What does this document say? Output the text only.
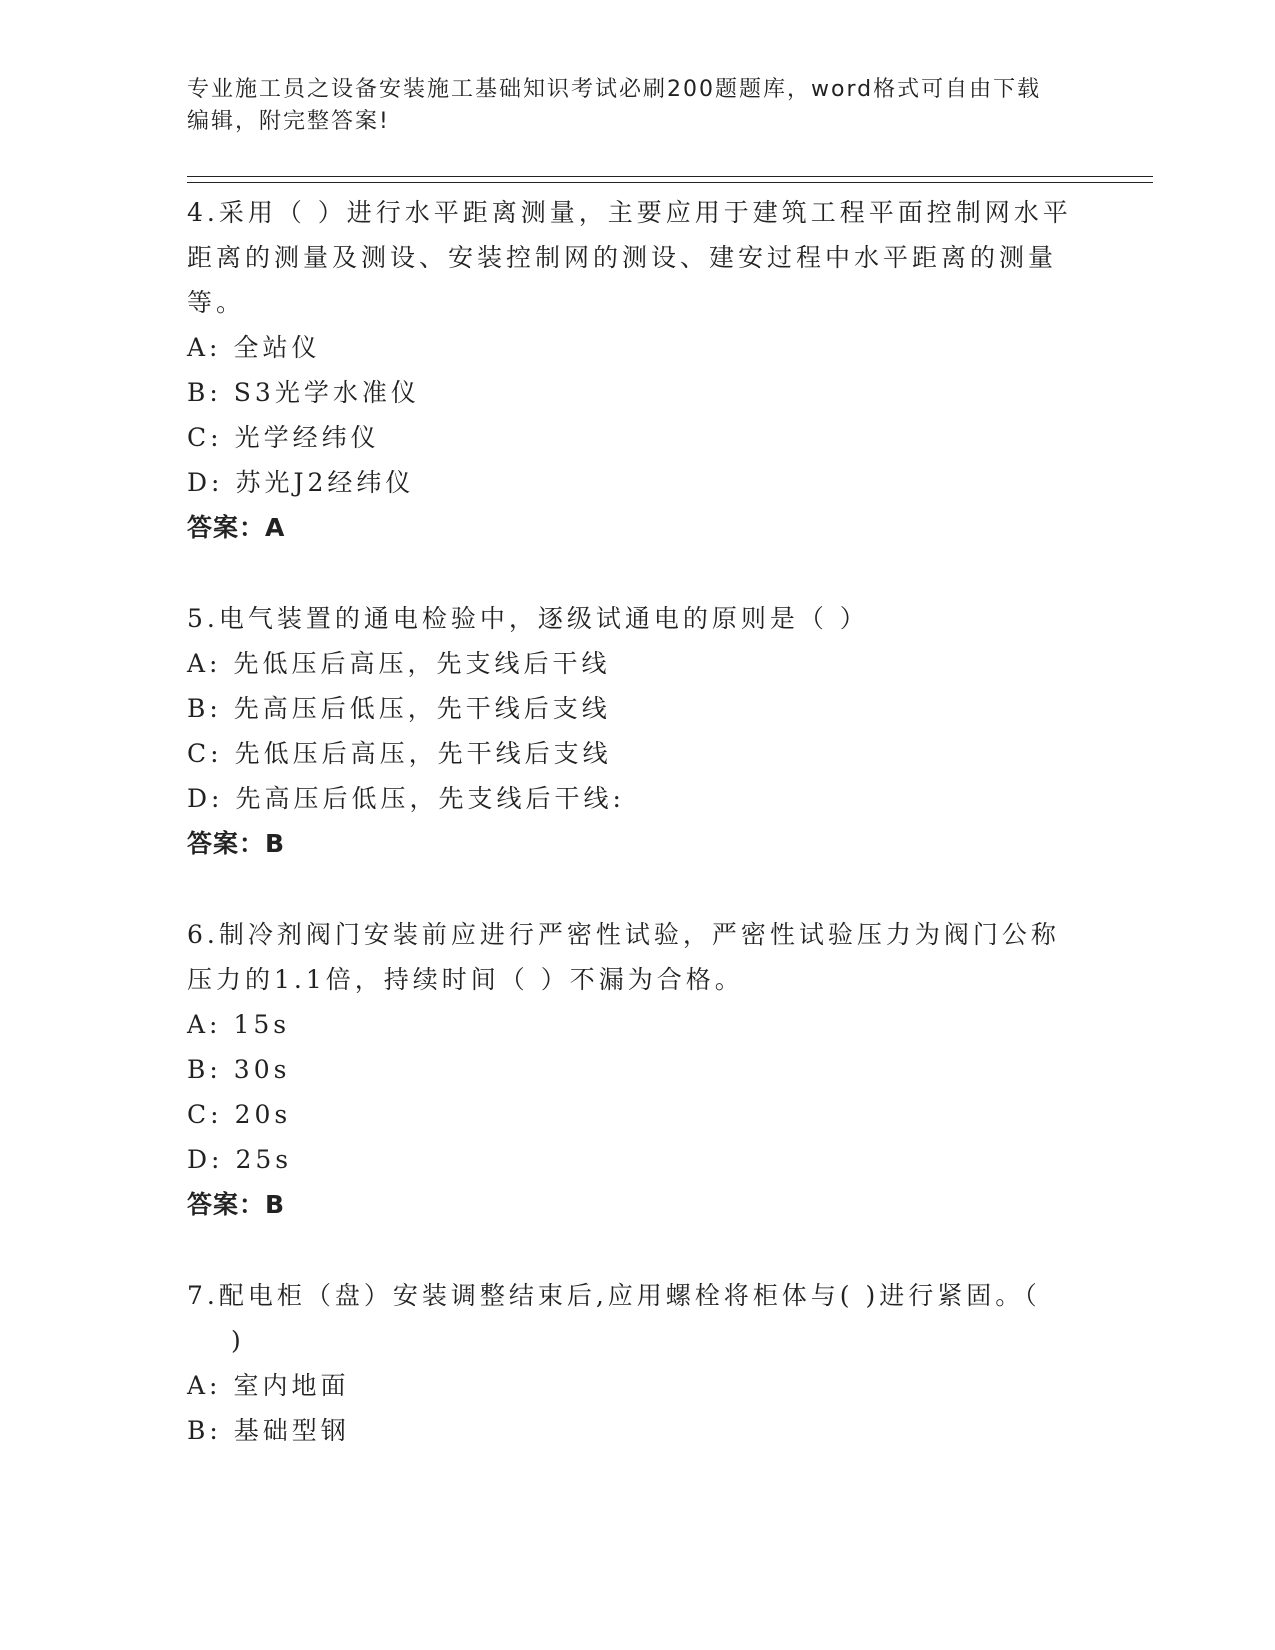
专业施工员之设备安装施工基础知识考试必刷200题题库，word格式可自由下载
编辑，附完整答案!
4.采用（ ）进行水平距离测量，主要应用于建筑工程平面控制网水平
距离的测量及测设、安装控制网的测设、建安过程中水平距离的测量
等。
A: 全站仪
B: S3光学水准仪
C: 光学经纬仪
D: 苏光J2经纬仪
答案：A
5.电气装置的通电检验中，逐级试通电的原则是（ ）
A: 先低压后高压，先支线后干线
B: 先高压后低压，先干线后支线
C: 先低压后高压，先干线后支线
D: 先高压后低压，先支线后干线:
答案：B
6.制冷剂阀门安装前应进行严密性试验，严密性试验压力为阀门公称
压力的1.1倍，持续时间（ ）不漏为合格。
A: 15s
B: 30s
C: 20s
D: 25s
答案：B
7.配电柜（盘）安装调整结束后,应用螺栓将柜体与( )进行紧固。（
)
A: 室内地面
B: 基础型钢
